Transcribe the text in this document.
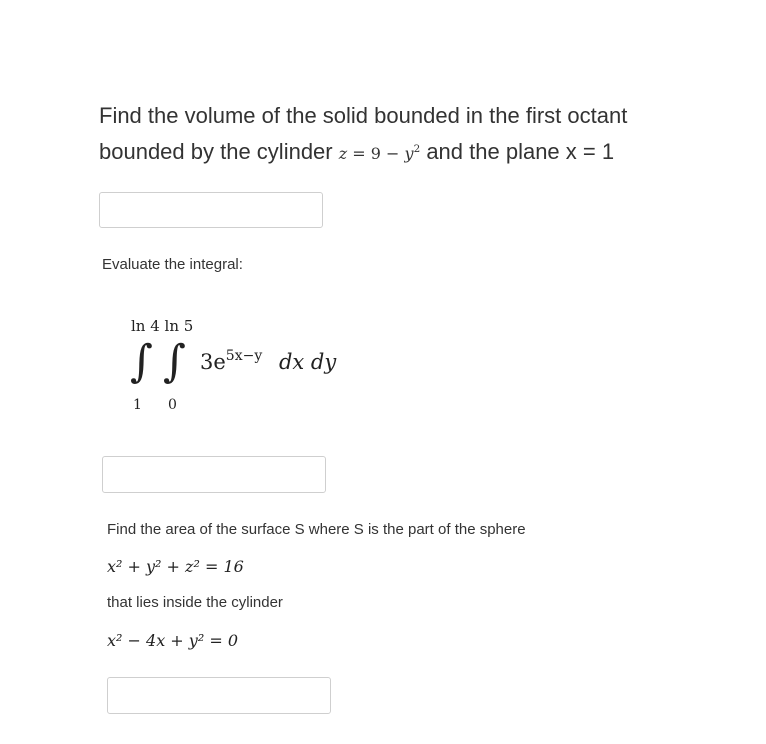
Find the volume of the solid bounded in the first octant
bounded by the cylinder $z = 9 - y^2$ and the plane x = 1
Evaluate the integral:
ln 4 ln 5
∫ ∫
1 0
$3e^{5x-y}$ dx dy
Find the area of the surface S where S is the part of the sphere
x² + y² + z² = 16
that lies inside the cylinder
x² − 4x + y² = 0
